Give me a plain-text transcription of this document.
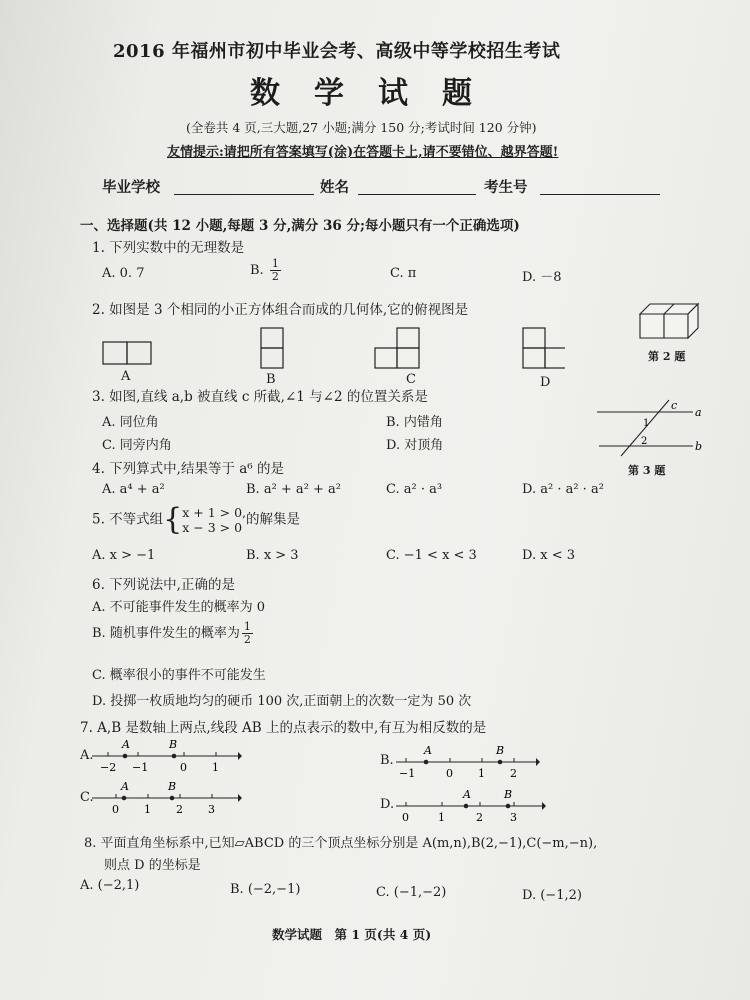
2016 年福州市初中毕业会考、高级中等学校招生考试
数学试题
(全卷共 4 页,三大题,27 小题;满分 150 分;考试时间 120 分钟)
友情提示:请把所有答案填写(涂)在答题卡上,请不要错位、越界答题!
毕业学校	姓名	考生号
一、选择题(共 12 小题,每题 3 分,满分 36 分;每小题只有一个正确选项)
1. 下列实数中的无理数是
A. 0. 7	B. $\frac{1}{2}$	C. π	D. －8
2. 如图是 3 个相同的小正方体组合而成的几何体,它的俯视图是
A	B	C	D
第 2 题
3. 如图,直线 a,b 被直线 c 所截,∠1 与∠2 的位置关系是
A. 同位角	B. 内错角
C. 同旁内角	D. 对顶角
c
a
b
1
2
第 3 题
4. 下列算式中,结果等于 a⁶ 的是
A. a⁴ + a²	B. a² + a² + a²	C. a² · a³	D. a² · a² · a²
5. 不等式组{ x + 1 > 0,
x − 3 > 0 的解集是
A. x > −1	B. x > 3	C. −1 < x < 3	D. x < 3
6. 下列说法中,正确的是
A. 不可能事件发生的概率为 0
B. 随机事件发生的概率为 $\frac{1}{2}$
C. 概率很小的事件不可能发生
D. 投掷一枚质地均匀的硬币 100 次,正面朝上的次数一定为 50 次
7. A,B 是数轴上两点,线段 AB 上的点表示的数中,有互为相反数的是
A.	B.
C.	D.
A	B
−2 −1	0 1
A	B
−1	0 1 2
A	B
0 1 2 3
A	B
0	1	2 3
8. 平面直角坐标系中,已知▱ABCD 的三个顶点坐标分别是 A(m,n),B(2,−1),C(−m,−n),
则点 D 的坐标是
A. (−2,1)	B. (−2,−1)	C. (−1,−2)	D. (−1,2)
数学试题　第 1 页(共 4 页)
